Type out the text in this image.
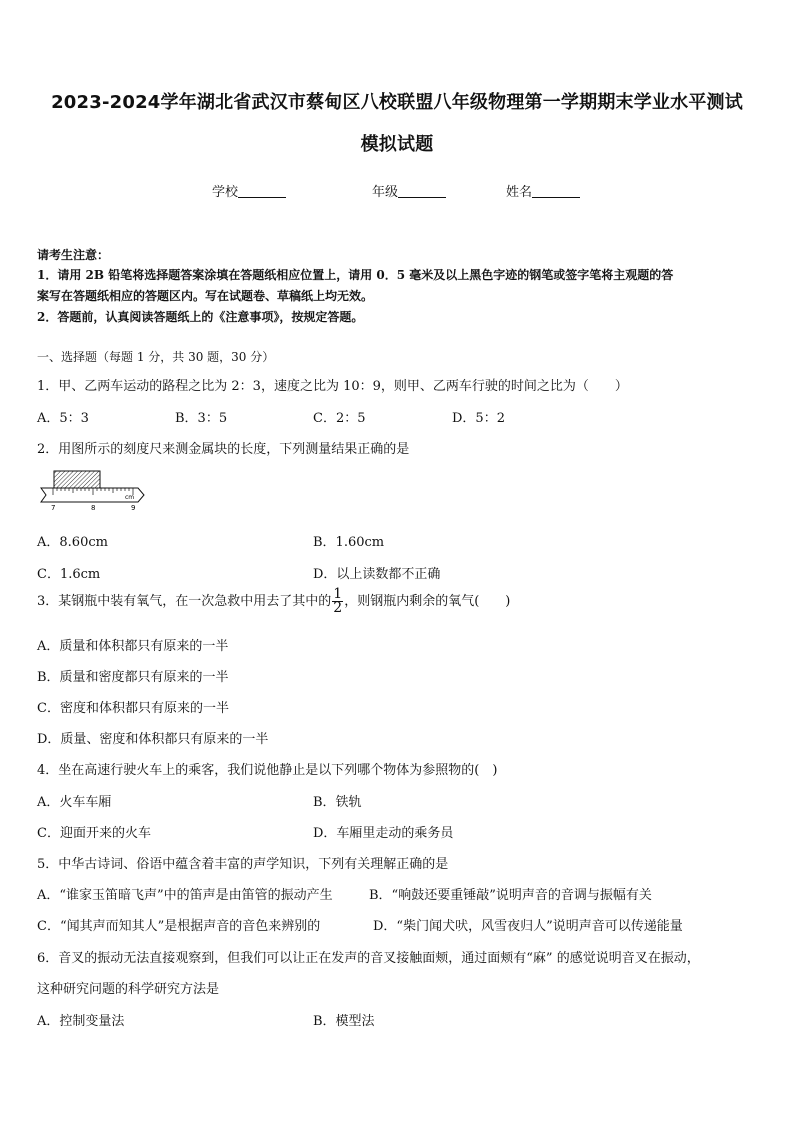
2023-2024学年湖北省武汉市蔡甸区八校联盟八年级物理第一学期期末学业水平测试
模拟试题
学校	年级	姓名
请考生注意：
1．请用 2B 铅笔将选择题答案涂填在答题纸相应位置上，请用 0．5 毫米及以上黑色字迹的钢笔或签字笔将主观题的答
案写在答题纸相应的答题区内。写在试题卷、草稿纸上均无效。
2．答题前，认真阅读答题纸上的《注意事项》，按规定答题。
一、选择题（每题 1 分，共 30 题，30 分）
1．甲、乙两车运动的路程之比为 2：3，速度之比为 10：9，则甲、乙两车行驶的时间之比为（　　）
A．5：3	B．3：5	C．2：5	D．5：2
2．用图所示的刻度尺来测金属块的长度，下列测量结果正确的是
7	8	9
cm
A．8.60cm	B．1.60cm
C．1.6cm	D．以上读数都不正确
3．某钢瓶中装有氧气，在一次急救中用去了其中的 $\frac{1}{2}$ ，则钢瓶内剩余的氧气(　　)
A．质量和体积都只有原来的一半
B．质量和密度都只有原来的一半
C．密度和体积都只有原来的一半
D．质量、密度和体积都只有原来的一半
4．坐在高速行驶火车上的乘客，我们说他静止是以下列哪个物体为参照物的(　)
A．火车车厢	B．铁轨
C．迎面开来的火车	D．车厢里走动的乘务员
5．中华古诗词、俗语中蕴含着丰富的声学知识，下列有关理解正确的是
A．“谁家玉笛暗飞声”中的笛声是由笛管的振动产生	B．“响鼓还要重锤敲”说明声音的音调与振幅有关
C．“闻其声而知其人”是根据声音的音色来辨别的	D．“柴门闻犬吠，风雪夜归人”说明声音可以传递能量
6．音叉的振动无法直接观察到，但我们可以让正在发声的音叉接触面颊，通过面颊有“麻” 的感觉说明音叉在振动，
这种研究问题的科学研究方法是
A．控制变量法	B．模型法
